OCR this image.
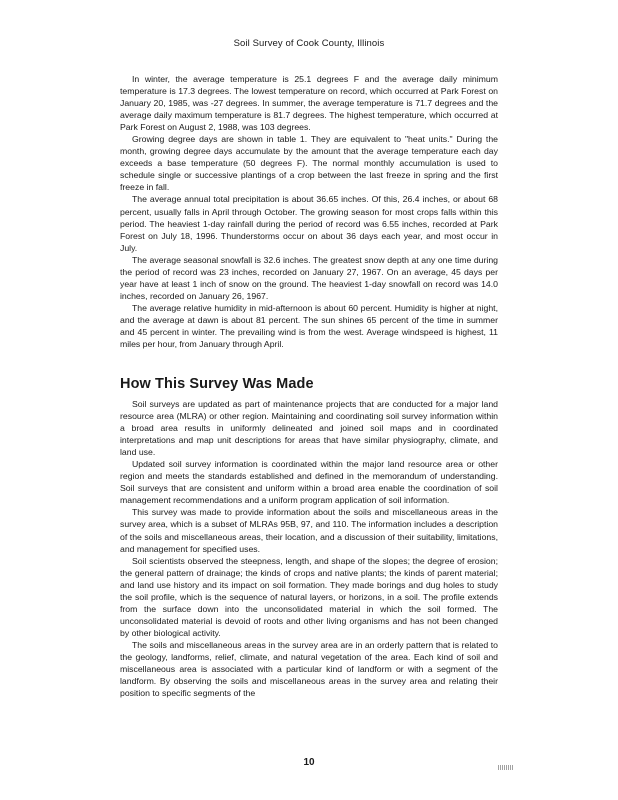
Soil Survey of Cook County, Illinois

In winter, the average temperature is 25.1 degrees F and the average daily minimum temperature is 17.3 degrees. The lowest temperature on record, which occurred at Park Forest on January 20, 1985, was -27 degrees. In summer, the average temperature is 71.7 degrees and the average daily maximum temperature is 81.7 degrees. The highest temperature, which occurred at Park Forest on August 2, 1988, was 103 degrees.

Growing degree days are shown in table 1. They are equivalent to "heat units." During the month, growing degree days accumulate by the amount that the average temperature each day exceeds a base temperature (50 degrees F). The normal monthly accumulation is used to schedule single or successive plantings of a crop between the last freeze in spring and the first freeze in fall.

The average annual total precipitation is about 36.65 inches. Of this, 26.4 inches, or about 68 percent, usually falls in April through October. The growing season for most crops falls within this period. The heaviest 1-day rainfall during the period of record was 6.55 inches, recorded at Park Forest on July 18, 1996. Thunderstorms occur on about 36 days each year, and most occur in July.

The average seasonal snowfall is 32.6 inches. The greatest snow depth at any one time during the period of record was 23 inches, recorded on January 27, 1967. On an average, 45 days per year have at least 1 inch of snow on the ground. The heaviest 1-day snowfall on record was 14.0 inches, recorded on January 26, 1967.

The average relative humidity in mid-afternoon is about 60 percent. Humidity is higher at night, and the average at dawn is about 81 percent. The sun shines 65 percent of the time in summer and 45 percent in winter. The prevailing wind is from the west. Average windspeed is highest, 11 miles per hour, from January through April.

How This Survey Was Made

Soil surveys are updated as part of maintenance projects that are conducted for a major land resource area (MLRA) or other region. Maintaining and coordinating soil survey information within a broad area results in uniformly delineated and joined soil maps and in coordinated interpretations and map unit descriptions for areas that have similar physiography, climate, and land use.

Updated soil survey information is coordinated within the major land resource area or other region and meets the standards established and defined in the memorandum of understanding. Soil surveys that are consistent and uniform within a broad area enable the coordination of soil management recommendations and a uniform program application of soil information.

This survey was made to provide information about the soils and miscellaneous areas in the survey area, which is a subset of MLRAs 95B, 97, and 110. The information includes a description of the soils and miscellaneous areas, their location, and a discussion of their suitability, limitations, and management for specified uses.

Soil scientists observed the steepness, length, and shape of the slopes; the degree of erosion; the general pattern of drainage; the kinds of crops and native plants; the kinds of parent material; and land use history and its impact on soil formation. They made borings and dug holes to study the soil profile, which is the sequence of natural layers, or horizons, in a soil. The profile extends from the surface down into the unconsolidated material in which the soil formed. The unconsolidated material is devoid of roots and other living organisms and has not been changed by other biological activity.

The soils and miscellaneous areas in the survey area are in an orderly pattern that is related to the geology, landforms, relief, climate, and natural vegetation of the area. Each kind of soil and miscellaneous area is associated with a particular kind of landform or with a segment of the landform. By observing the soils and miscellaneous areas in the survey area and relating their position to specific segments of the

10
